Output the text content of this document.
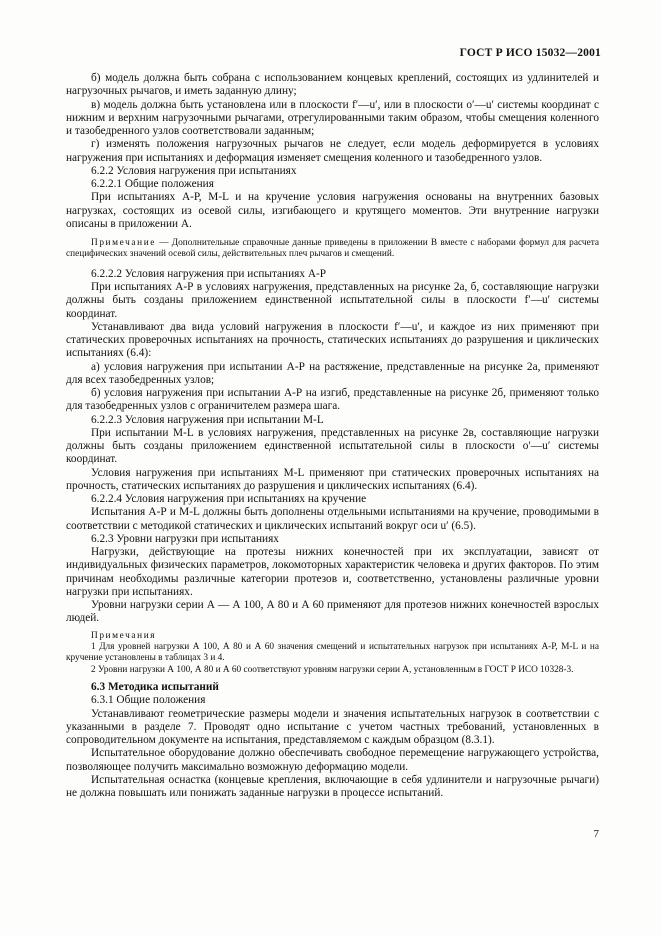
ГОСТ Р ИСО 15032—2001

б) модель должна быть собрана с использованием концевых креплений, состоящих из удлинителей и нагрузочных рычагов, и иметь заданную длину;

в) модель должна быть установлена или в плоскости f′—u′, или в плоскости o′—u′ системы координат с нижним и верхним нагрузочными рычагами, отрегулированными таким образом, чтобы смещения коленного и тазобедренного узлов соответствовали заданным;

г) изменять положения нагрузочных рычагов не следует, если модель деформируется в условиях нагружения при испытаниях и деформация изменяет смещения коленного и тазобедренного узлов.

6.2.2 Условия нагружения при испытаниях

6.2.2.1 Общие положения

При испытаниях А-Р, М-L и на кручение условия нагружения основаны на внутренних базовых нагрузках, состоящих из осевой силы, изгибающего и крутящего моментов. Эти внутренние нагрузки описаны в приложении А.

Примечание — Дополнительные справочные данные приведены в приложении В вместе с наборами формул для расчета специфических значений осевой силы, действительных плеч рычагов и смещений.

6.2.2.2 Условия нагружения при испытаниях А-Р

При испытаниях А-Р в условиях нагружения, представленных на рисунке 2а, б, составляющие нагрузки должны быть созданы приложением единственной испытательной силы в плоскости f′—u′ системы координат.

Устанавливают два вида условий нагружения в плоскости f′—u′, и каждое из них применяют при статических проверочных испытаниях на прочность, статических испытаниях до разрушения и циклических испытаниях (6.4):

а) условия нагружения при испытании А-Р на растяжение, представленные на рисунке 2а, применяют для всех тазобедренных узлов;

б) условия нагружения при испытании А-Р на изгиб, представленные на рисунке 2б, применяют только для тазобедренных узлов с ограничителем размера шага.

6.2.2.3 Условия нагружения при испытании М-L

При испытании М-L в условиях нагружения, представленных на рисунке 2в, составляющие нагрузки должны быть созданы приложением единственной испытательной силы в плоскости o′—u′ системы координат.

Условия нагружения при испытаниях М-L применяют при статических проверочных испытаниях на прочность, статических испытаниях до разрушения и циклических испытаниях (6.4).

6.2.2.4 Условия нагружения при испытаниях на кручение

Испытания А-Р и М-L должны быть дополнены отдельными испытаниями на кручение, проводимыми в соответствии с методикой статических и циклических испытаний вокруг оси u′ (6.5).

6.2.3 Уровни нагрузки при испытаниях

Нагрузки, действующие на протезы нижних конечностей при их эксплуатации, зависят от индивидуальных физических параметров, локомоторных характеристик человека и других факторов. По этим причинам необходимы различные категории протезов и, соответственно, установлены различные уровни нагрузки при испытаниях.

Уровни нагрузки серии А — А 100, А 80 и А 60 применяют для протезов нижних конечностей взрослых людей.

Примечания

1 Для уровней нагрузки А 100, А 80 и А 60 значения смещений и испытательных нагрузок при испытаниях А-Р, М-L и на кручение установлены в таблицах 3 и 4.

2 Уровни нагрузки А 100, А 80 и А 60 соответствуют уровням нагрузки серии А, установленным в ГОСТ Р ИСО 10328-3.

6.3 Методика испытаний

6.3.1 Общие положения

Устанавливают геометрические размеры модели и значения испытательных нагрузок в соответствии с указанными в разделе 7. Проводят одно испытание с учетом частных требований, установленных в сопроводительном документе на испытания, представляемом с каждым образцом (8.3.1).

Испытательное оборудование должно обеспечивать свободное перемещение нагружающего устройства, позволяющее получить максимально возможную деформацию модели.

Испытательная оснастка (концевые крепления, включающие в себя удлинители и нагрузочные рычаги) не должна повышать или понижать заданные нагрузки в процессе испытаний.

7
